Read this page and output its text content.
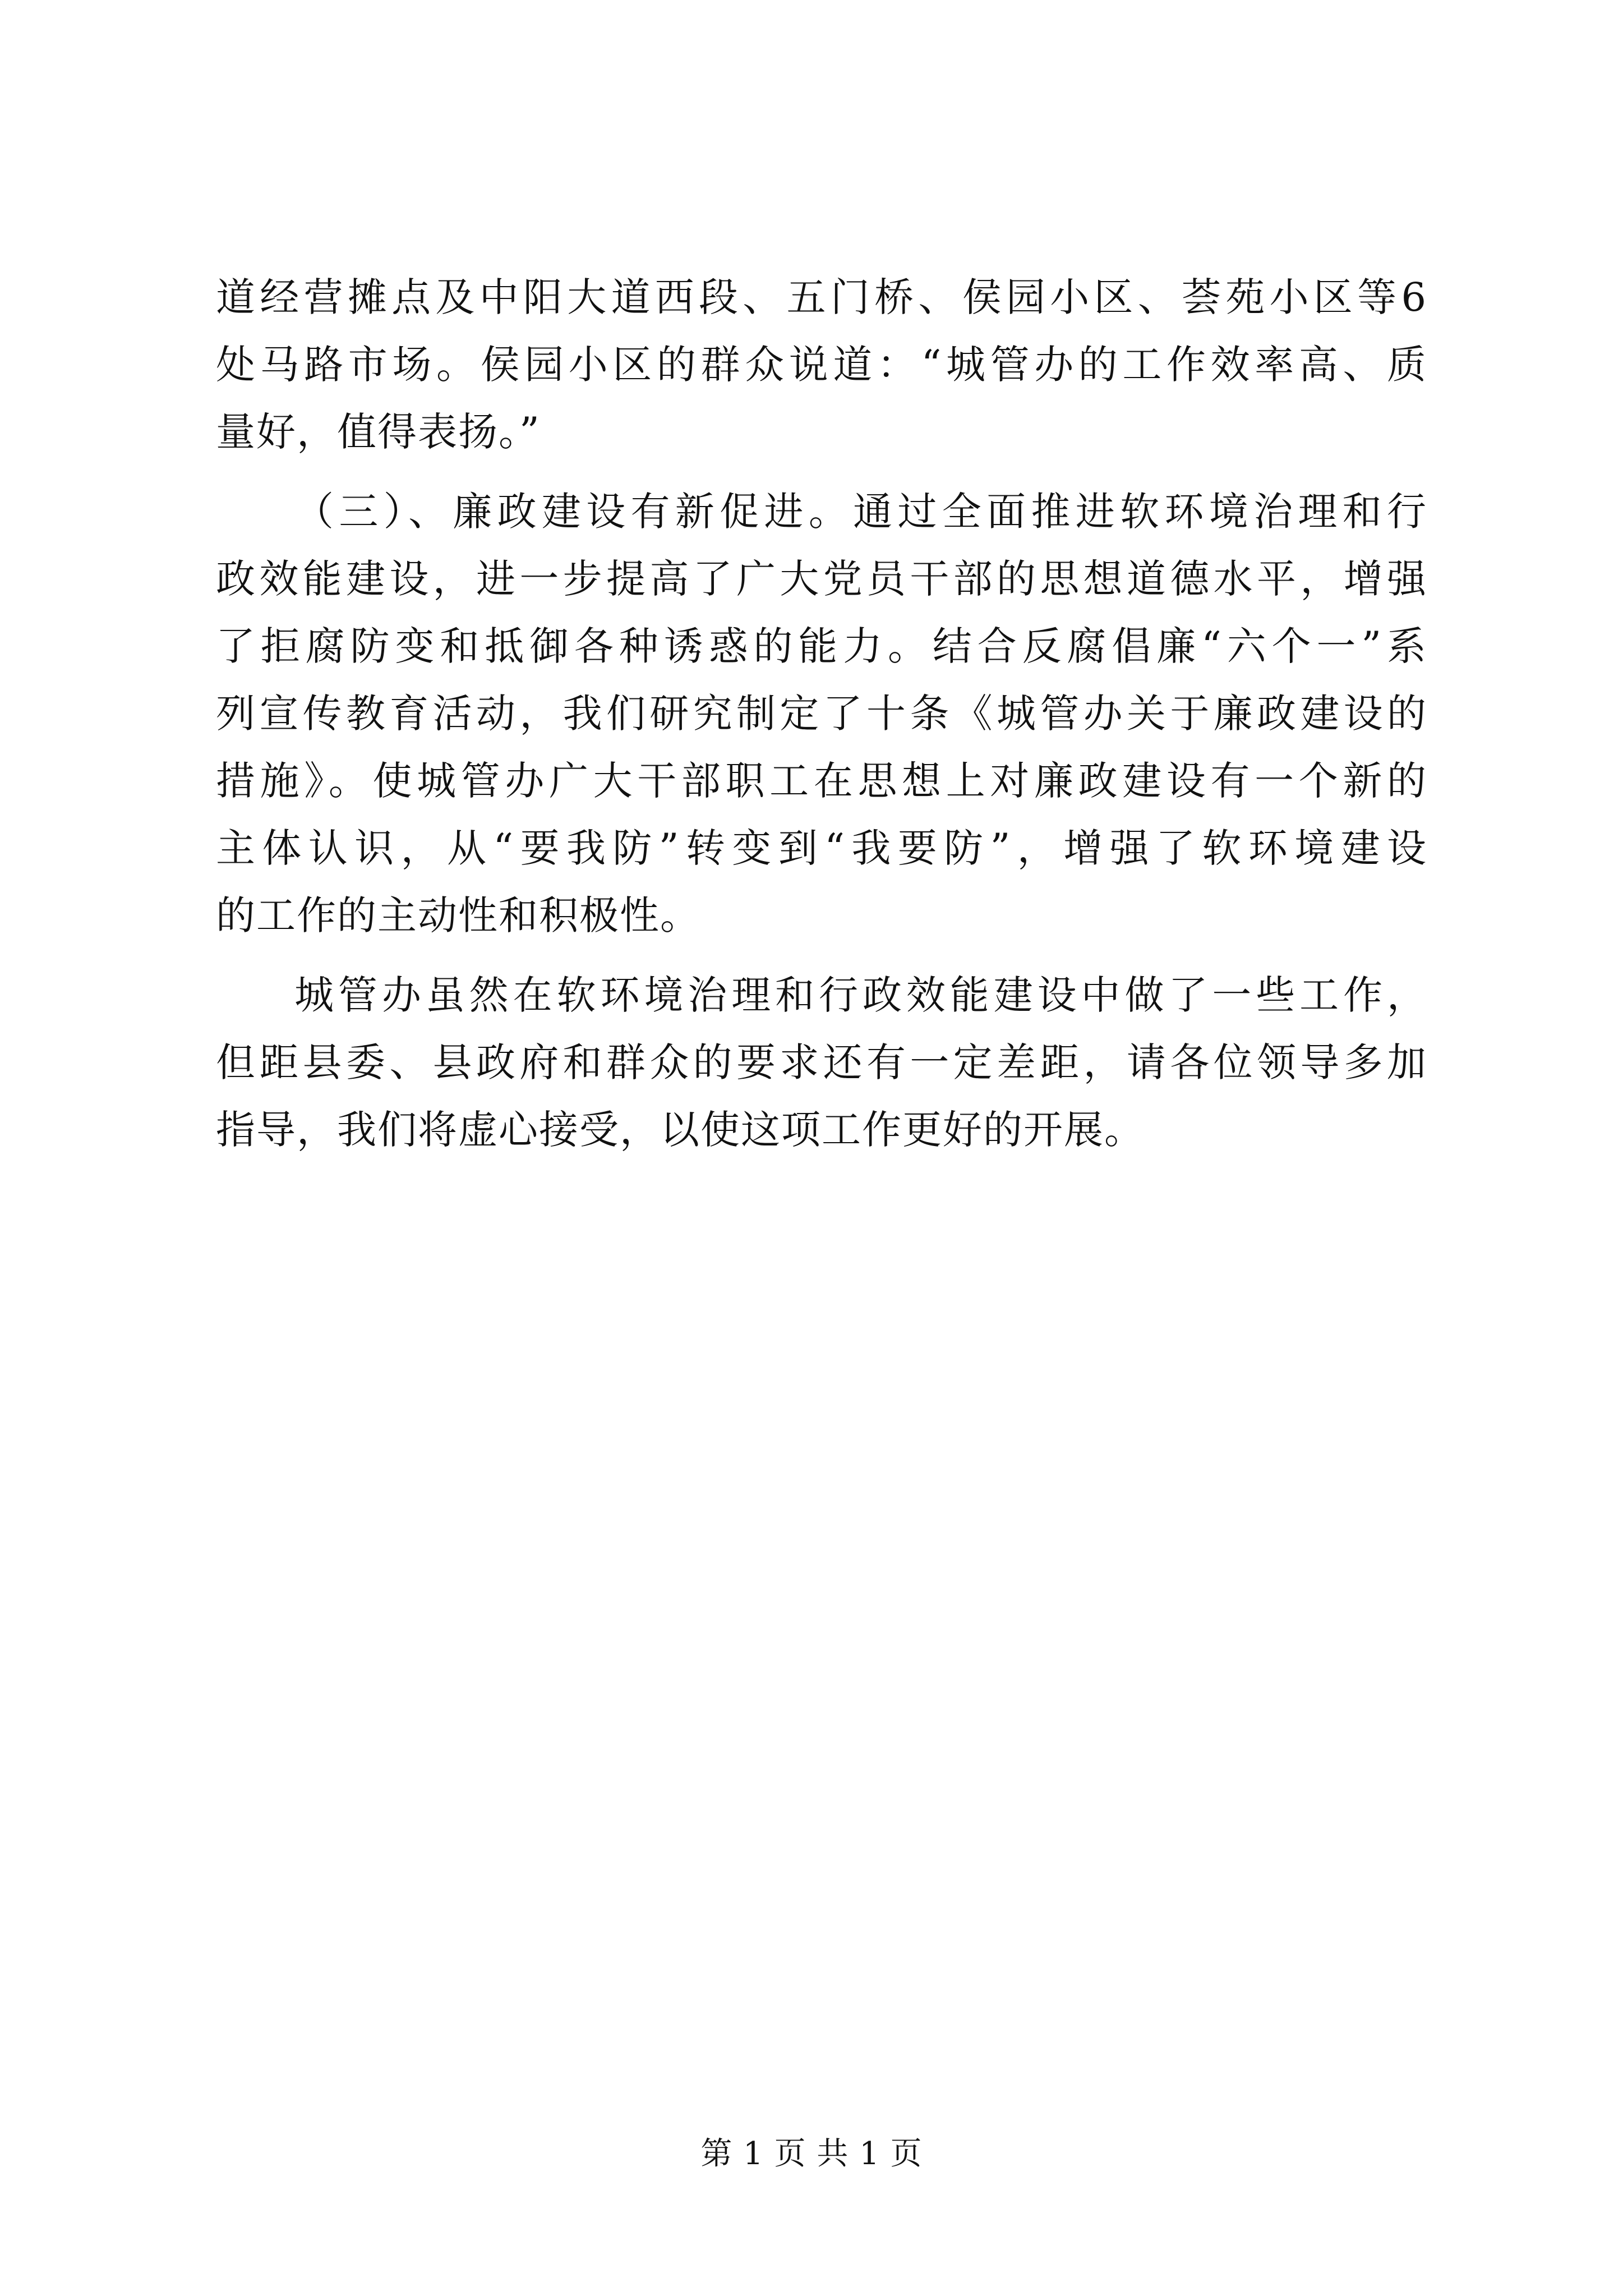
道经营摊点及中阳大道西段、五门桥、侯园小区、荟苑小区等6
处马路市场。侯园小区的群众说道：“城管办的工作效率高、质
量好，值得表扬。”
（三）、廉政建设有新促进。通过全面推进软环境治理和行
政效能建设，进一步提高了广大党员干部的思想道德水平，增强
了拒腐防变和抵御各种诱惑的能力。结合反腐倡廉“六个一”系
列宣传教育活动，我们研究制定了十条《城管办关于廉政建设的
措施》。使城管办广大干部职工在思想上对廉政建设有一个新的
主体认识，从“要我防”转变到“我要防”，增强了软环境建设
的工作的主动性和积极性。
城管办虽然在软环境治理和行政效能建设中做了一些工作，
但距县委、县政府和群众的要求还有一定差距，请各位领导多加
指导，我们将虚心接受，以使这项工作更好的开展。
第 1 页 共 1 页
